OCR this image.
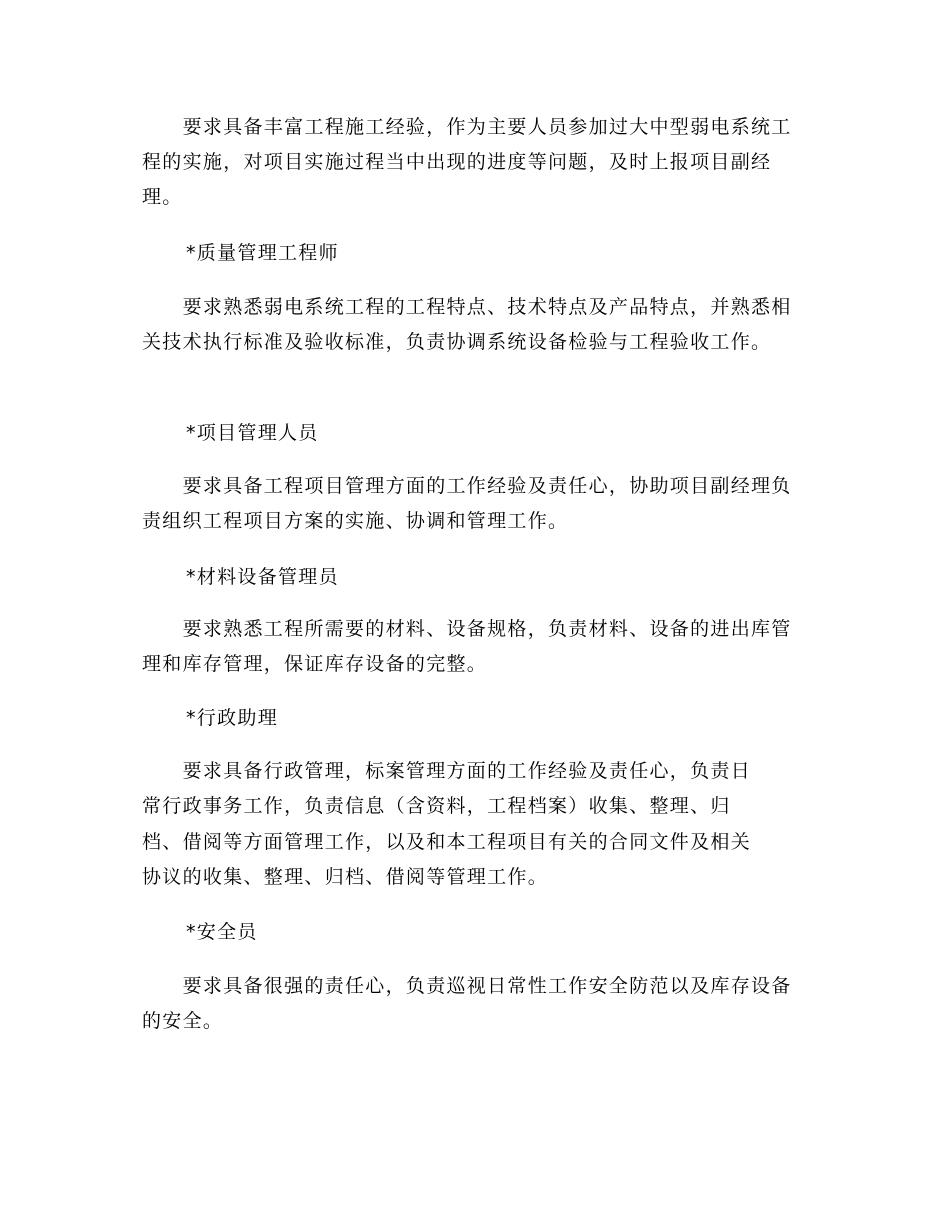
　　要求具备丰富工程施工经验，作为主要人员参加过大中型弱电系统工程的实施，对项目实施过程当中出现的进度等问题，及时上报项目副经理。

*质量管理工程师

　　要求熟悉弱电系统工程的工程特点、技术特点及产品特点，并熟悉相关技术执行标准及验收标准，负责协调系统设备检验与工程验收工作。

*项目管理人员

　　要求具备工程项目管理方面的工作经验及责任心，协助项目副经理负责组织工程项目方案的实施、协调和管理工作。

*材料设备管理员

　　要求熟悉工程所需要的材料、设备规格，负责材料、设备的进出库管理和库存管理，保证库存设备的完整。

*行政助理

　　要求具备行政管理，标案管理方面的工作经验及责任心，负责日

常行政事务工作，负责信息（含资料，工程档案）收集、整理、归

档、借阅等方面管理工作，以及和本工程项目有关的合同文件及相关

协议的收集、整理、归档、借阅等管理工作。

*安全员

　　要求具备很强的责任心，负责巡视日常性工作安全防范以及库存设备的安全。
